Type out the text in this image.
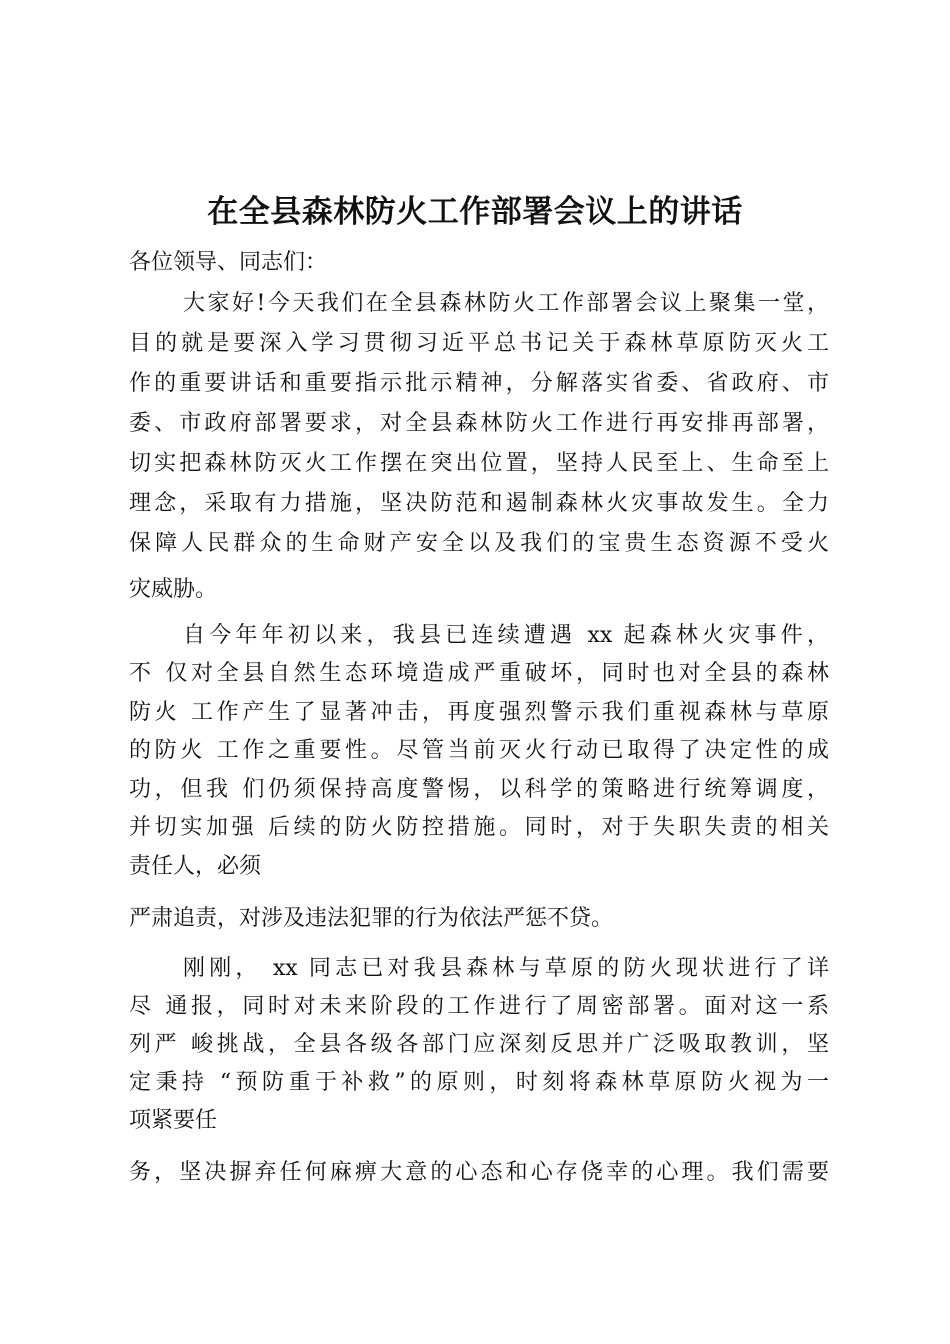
在全县森林防火工作部署会议上的讲话
各位领导、同志们：
大家好!今天我们在全县森林防火工作部署会议上聚集一堂，
目的就是要深入学习贯彻习近平总书记关于森林草原防灭火工
作的重要讲话和重要指示批示精神，分解落实省委、省政府、市
委、市政府部署要求，对全县森林防火工作进行再安排再部署，
切实把森林防灭火工作摆在突出位置，坚持人民至上、生命至上
理念，采取有力措施，坚决防范和遏制森林火灾事故发生。全力
保障人民群众的生命财产安全以及我们的宝贵生态资源不受火
灾威胁。
自今年年初以来，我县已连续遭遇 xx 起森林火灾事件，
不 仅对全县自然生态环境造成严重破坏，同时也对全县的森林
防火 工作产生了显著冲击，再度强烈警示我们重视森林与草原
的防火 工作之重要性。尽管当前灭火行动已取得了决定性的成
功，但我 们仍须保持高度警惕，以科学的策略进行统筹调度，
并切实加强 后续的防火防控措施。同时，对于失职失责的相关
责任人，必须
严肃追责，对涉及违法犯罪的行为依法严惩不贷。
刚刚， xx 同志已对我县森林与草原的防火现状进行了详
尽 通报，同时对未来阶段的工作进行了周密部署。面对这一系
列严 峻挑战，全县各级各部门应深刻反思并广泛吸取教训，坚
定秉持 “预防重于补救”的原则，时刻将森林草原防火视为一
项紧要任
务，坚决摒弃任何麻痹大意的心态和心存侥幸的心理。我们需要
